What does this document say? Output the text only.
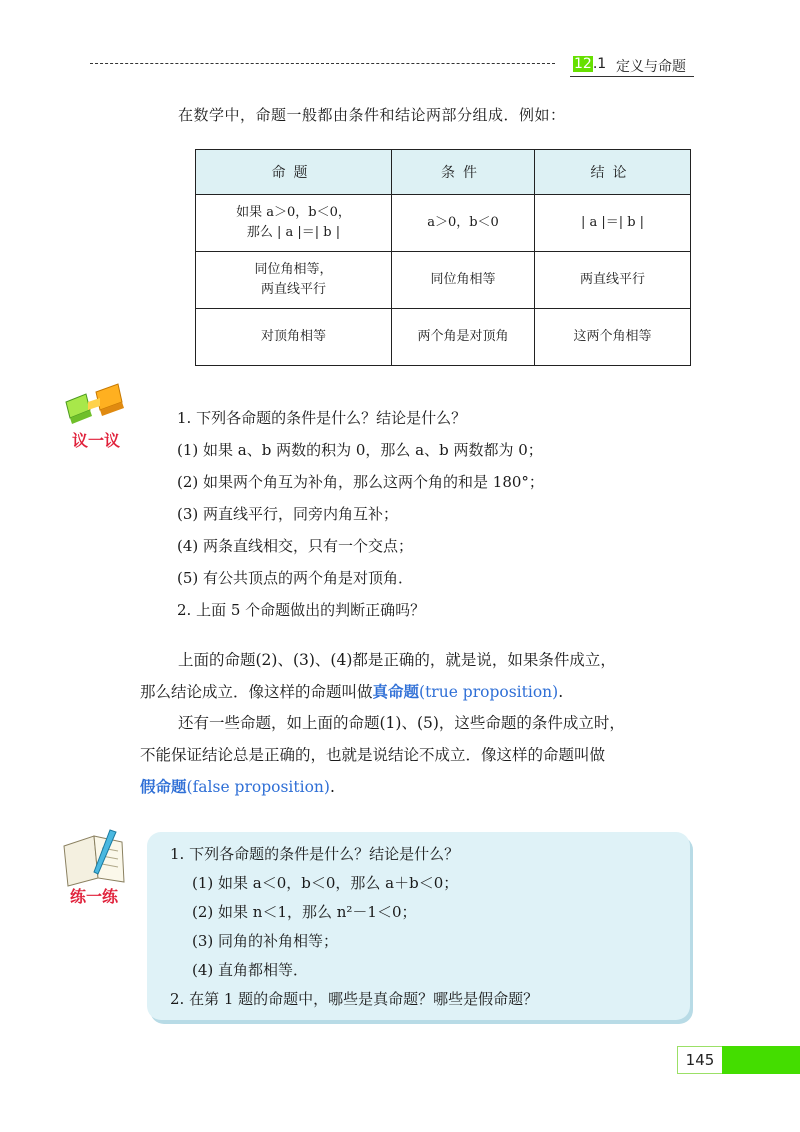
12.1 定义与命题
在数学中，命题一般都由条件和结论两部分组成．例如：
命题	条件	结论
如果 a＞0，b＜0，
那么 | a |＝| b |	a＞0，b＜0	| a |＝| b |
同位角相等，
两直线平行	同位角相等	两直线平行
对顶角相等	两个角是对顶角	这两个角相等
议一议
1. 下列各命题的条件是什么？结论是什么？
(1) 如果 a、b 两数的积为 0，那么 a、b 两数都为 0；
(2) 如果两个角互为补角，那么这两个角的和是 180°；
(3) 两直线平行，同旁内角互补；
(4) 两条直线相交，只有一个交点；
(5) 有公共顶点的两个角是对顶角．
2. 上面 5 个命题做出的判断正确吗？

上面的命题(2)、(3)、(4)都是正确的，就是说，如果条件成立，
那么结论成立．像这样的命题叫做真命题(true proposition).

还有一些命题，如上面的命题(1)、(5)，这些命题的条件成立时，
不能保证结论总是正确的，也就是说结论不成立．像这样的命题叫做
假命题(false proposition).

练一练
1. 下列各命题的条件是什么？结论是什么？
(1) 如果 a＜0，b＜0，那么 a＋b＜0；
(2) 如果 n＜1，那么 n²－1＜0；
(3) 同角的补角相等；
(4) 直角都相等．
2. 在第 1 题的命题中，哪些是真命题？哪些是假命题？
145
